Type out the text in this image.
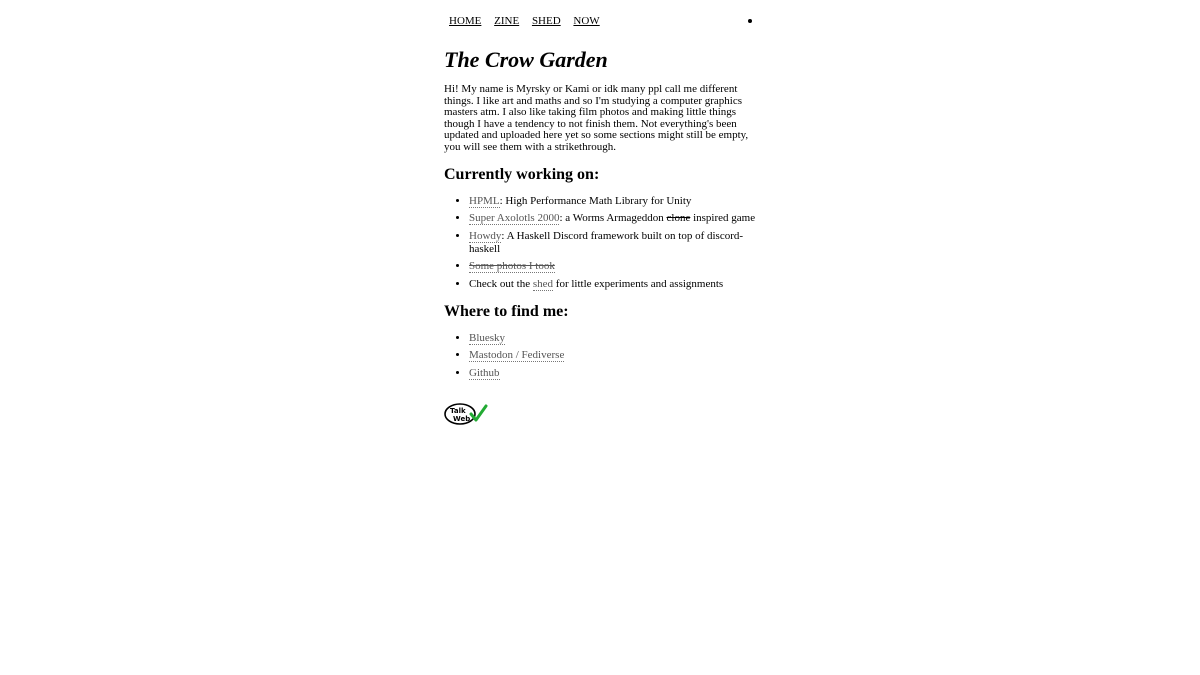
HOME ZINE SHED NOW
The Crow Garden

Hi! My name is Myrsky or Kami or idk many ppl call me different things. I like art and maths and so I'm studying a computer graphics masters atm. I also like taking film photos and making little things though I have a tendency to not finish them. Not everything's been updated and uploaded here yet so some sections might still be empty, you will see them with a strikethrough.

Currently working on:
• HPML: High Performance Math Library for Unity
• Super Axolotls 2000: a Worms Armageddon clone inspired game
• Howdy: A Haskell Discord framework built on top of discord-haskell
• Some photos I took
• Check out the shed for little experiments and assignments
Where to find me:
• Bluesky
• Mastodon / Fediverse
• Github
Talk
Web
